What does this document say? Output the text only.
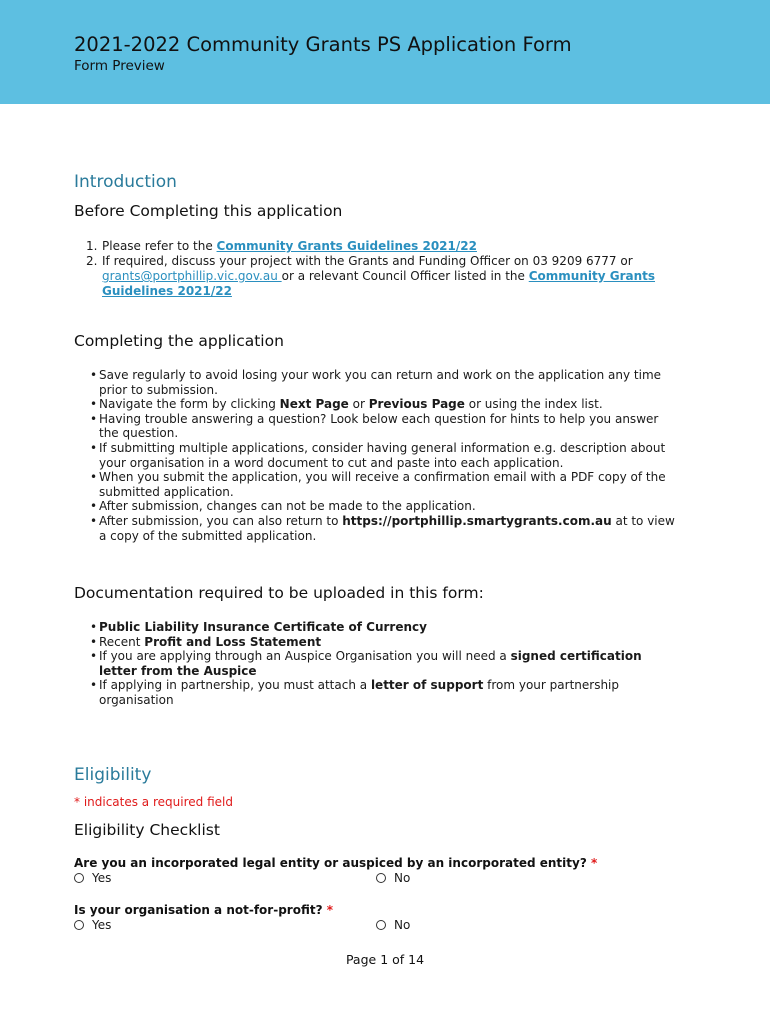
2021-2022 Community Grants PS Application Form
Form Preview
Introduction
Before Completing this application
1. Please refer to the Community Grants Guidelines 2021/22
2. If required, discuss your project with the Grants and Funding Officer on 03 9209 6777 or grants@portphillip.vic.gov.au or a relevant Council Officer listed in the Community Grants Guidelines 2021/22
Completing the application
• Save regularly to avoid losing your work you can return and work on the application any time prior to submission.
• Navigate the form by clicking Next Page or Previous Page or using the index list.
• Having trouble answering a question? Look below each question for hints to help you answer the question.
• If submitting multiple applications, consider having general information e.g. description about your organisation in a word document to cut and paste into each application.
• When you submit the application, you will receive a confirmation email with a PDF copy of the submitted application.
• After submission, changes can not be made to the application.
• After submission, you can also return to https://portphillip.smartygrants.com.au at to view a copy of the submitted application.
Documentation required to be uploaded in this form:
• Public Liability Insurance Certificate of Currency
• Recent Profit and Loss Statement
• If you are applying through an Auspice Organisation you will need a signed certification letter from the Auspice
• If applying in partnership, you must attach a letter of support from your partnership organisation
Eligibility
* indicates a required field
Eligibility Checklist
Are you an incorporated legal entity or auspiced by an incorporated entity? *
Yes	No
Is your organisation a not-for-profit? *
Yes	No
Page 1 of 14
